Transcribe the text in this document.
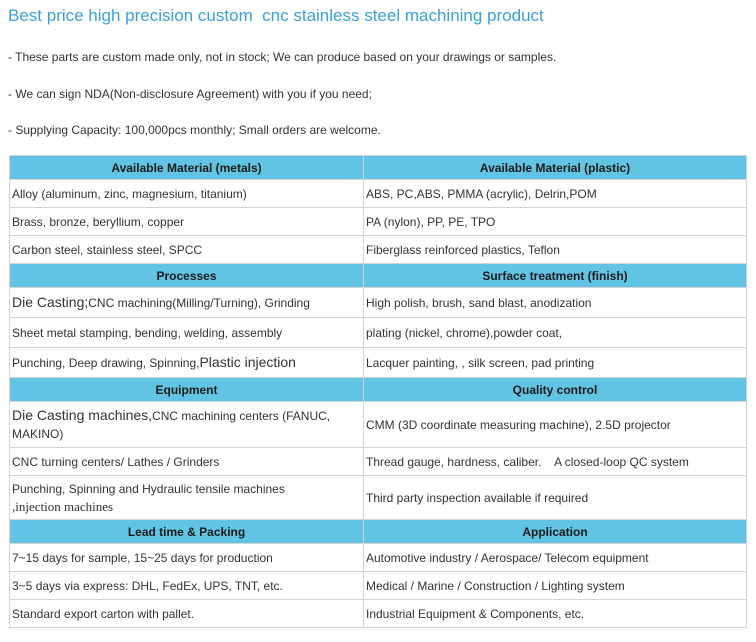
Best price high precision custom  cnc stainless steel machining product
- These parts are custom made only, not in stock; We can produce based on your drawings or samples.
- We can sign NDA(Non-disclosure Agreement) with you if you need;
- Supplying Capacity: 100,000pcs monthly; Small orders are welcome.
Available Material (metals)	Available Material (plastic)
Alloy (aluminum, zinc, magnesium, titanium)	ABS, PC,ABS, PMMA (acrylic), Delrin,POM
Brass, bronze, beryllium, copper	PA (nylon), PP, PE, TPO
Carbon steel, stainless steel, SPCC	Fiberglass reinforced plastics, Teflon
Processes	Surface treatment (finish)
Die Casting;CNC machining(Milling/Turning), Grinding	High polish, brush, sand blast, anodization
Sheet metal stamping, bending, welding, assembly	plating (nickel, chrome),powder coat,
Punching, Deep drawing, Spinning,Plastic injection	Lacquer painting, , silk screen, pad printing
Equipment	Quality control
Die Casting machines,CNC machining centers (FANUC, MAKINO)	CMM (3D coordinate measuring machine), 2.5D projector
CNC turning centers/ Lathes / Grinders	Thread gauge, hardness, caliber.    A closed-loop QC system
Punching, Spinning and Hydraulic tensile machines
,injection machines	Third party inspection available if required
Lead time & Packing	Application
7~15 days for sample, 15~25 days for production	Automotive industry / Aerospace/ Telecom equipment
3~5 days via express: DHL, FedEx, UPS, TNT, etc.	Medical / Marine / Construction / Lighting system
Standard export carton with pallet.	Industrial Equipment & Components, etc.
